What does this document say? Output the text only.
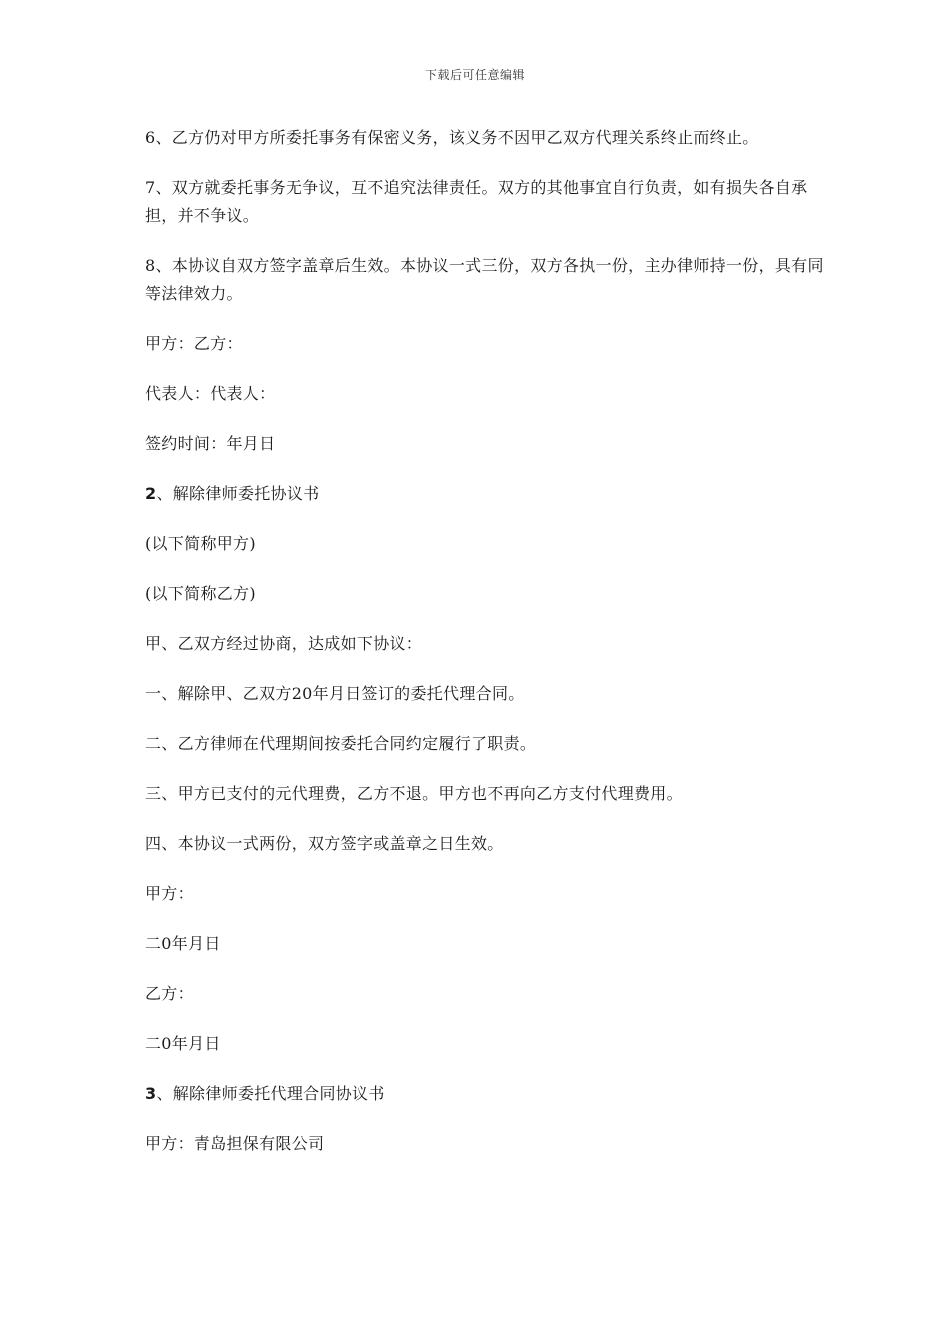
下载后可任意编辑

6、乙方仍对甲方所委托事务有保密义务，该义务不因甲乙双方代理关系终止而终止。

7、双方就委托事务无争议，互不追究法律责任。双方的其他事宜自行负责，如有损失各自承担，并不争议。

8、本协议自双方签字盖章后生效。本协议一式三份，双方各执一份，主办律师持一份，具有同等法律效力。

甲方：乙方：

代表人：代表人：

签约时间：年月日

2、解除律师委托协议书

(以下简称甲方)

(以下简称乙方)

甲、乙双方经过协商，达成如下协议：

一、解除甲、乙双方20年月日签订的委托代理合同。

二、乙方律师在代理期间按委托合同约定履行了职责。

三、甲方已支付的元代理费，乙方不退。甲方也不再向乙方支付代理费用。

四、本协议一式两份，双方签字或盖章之日生效。

甲方：

二0年月日

乙方：

二0年月日

3、解除律师委托代理合同协议书

甲方：青岛担保有限公司
